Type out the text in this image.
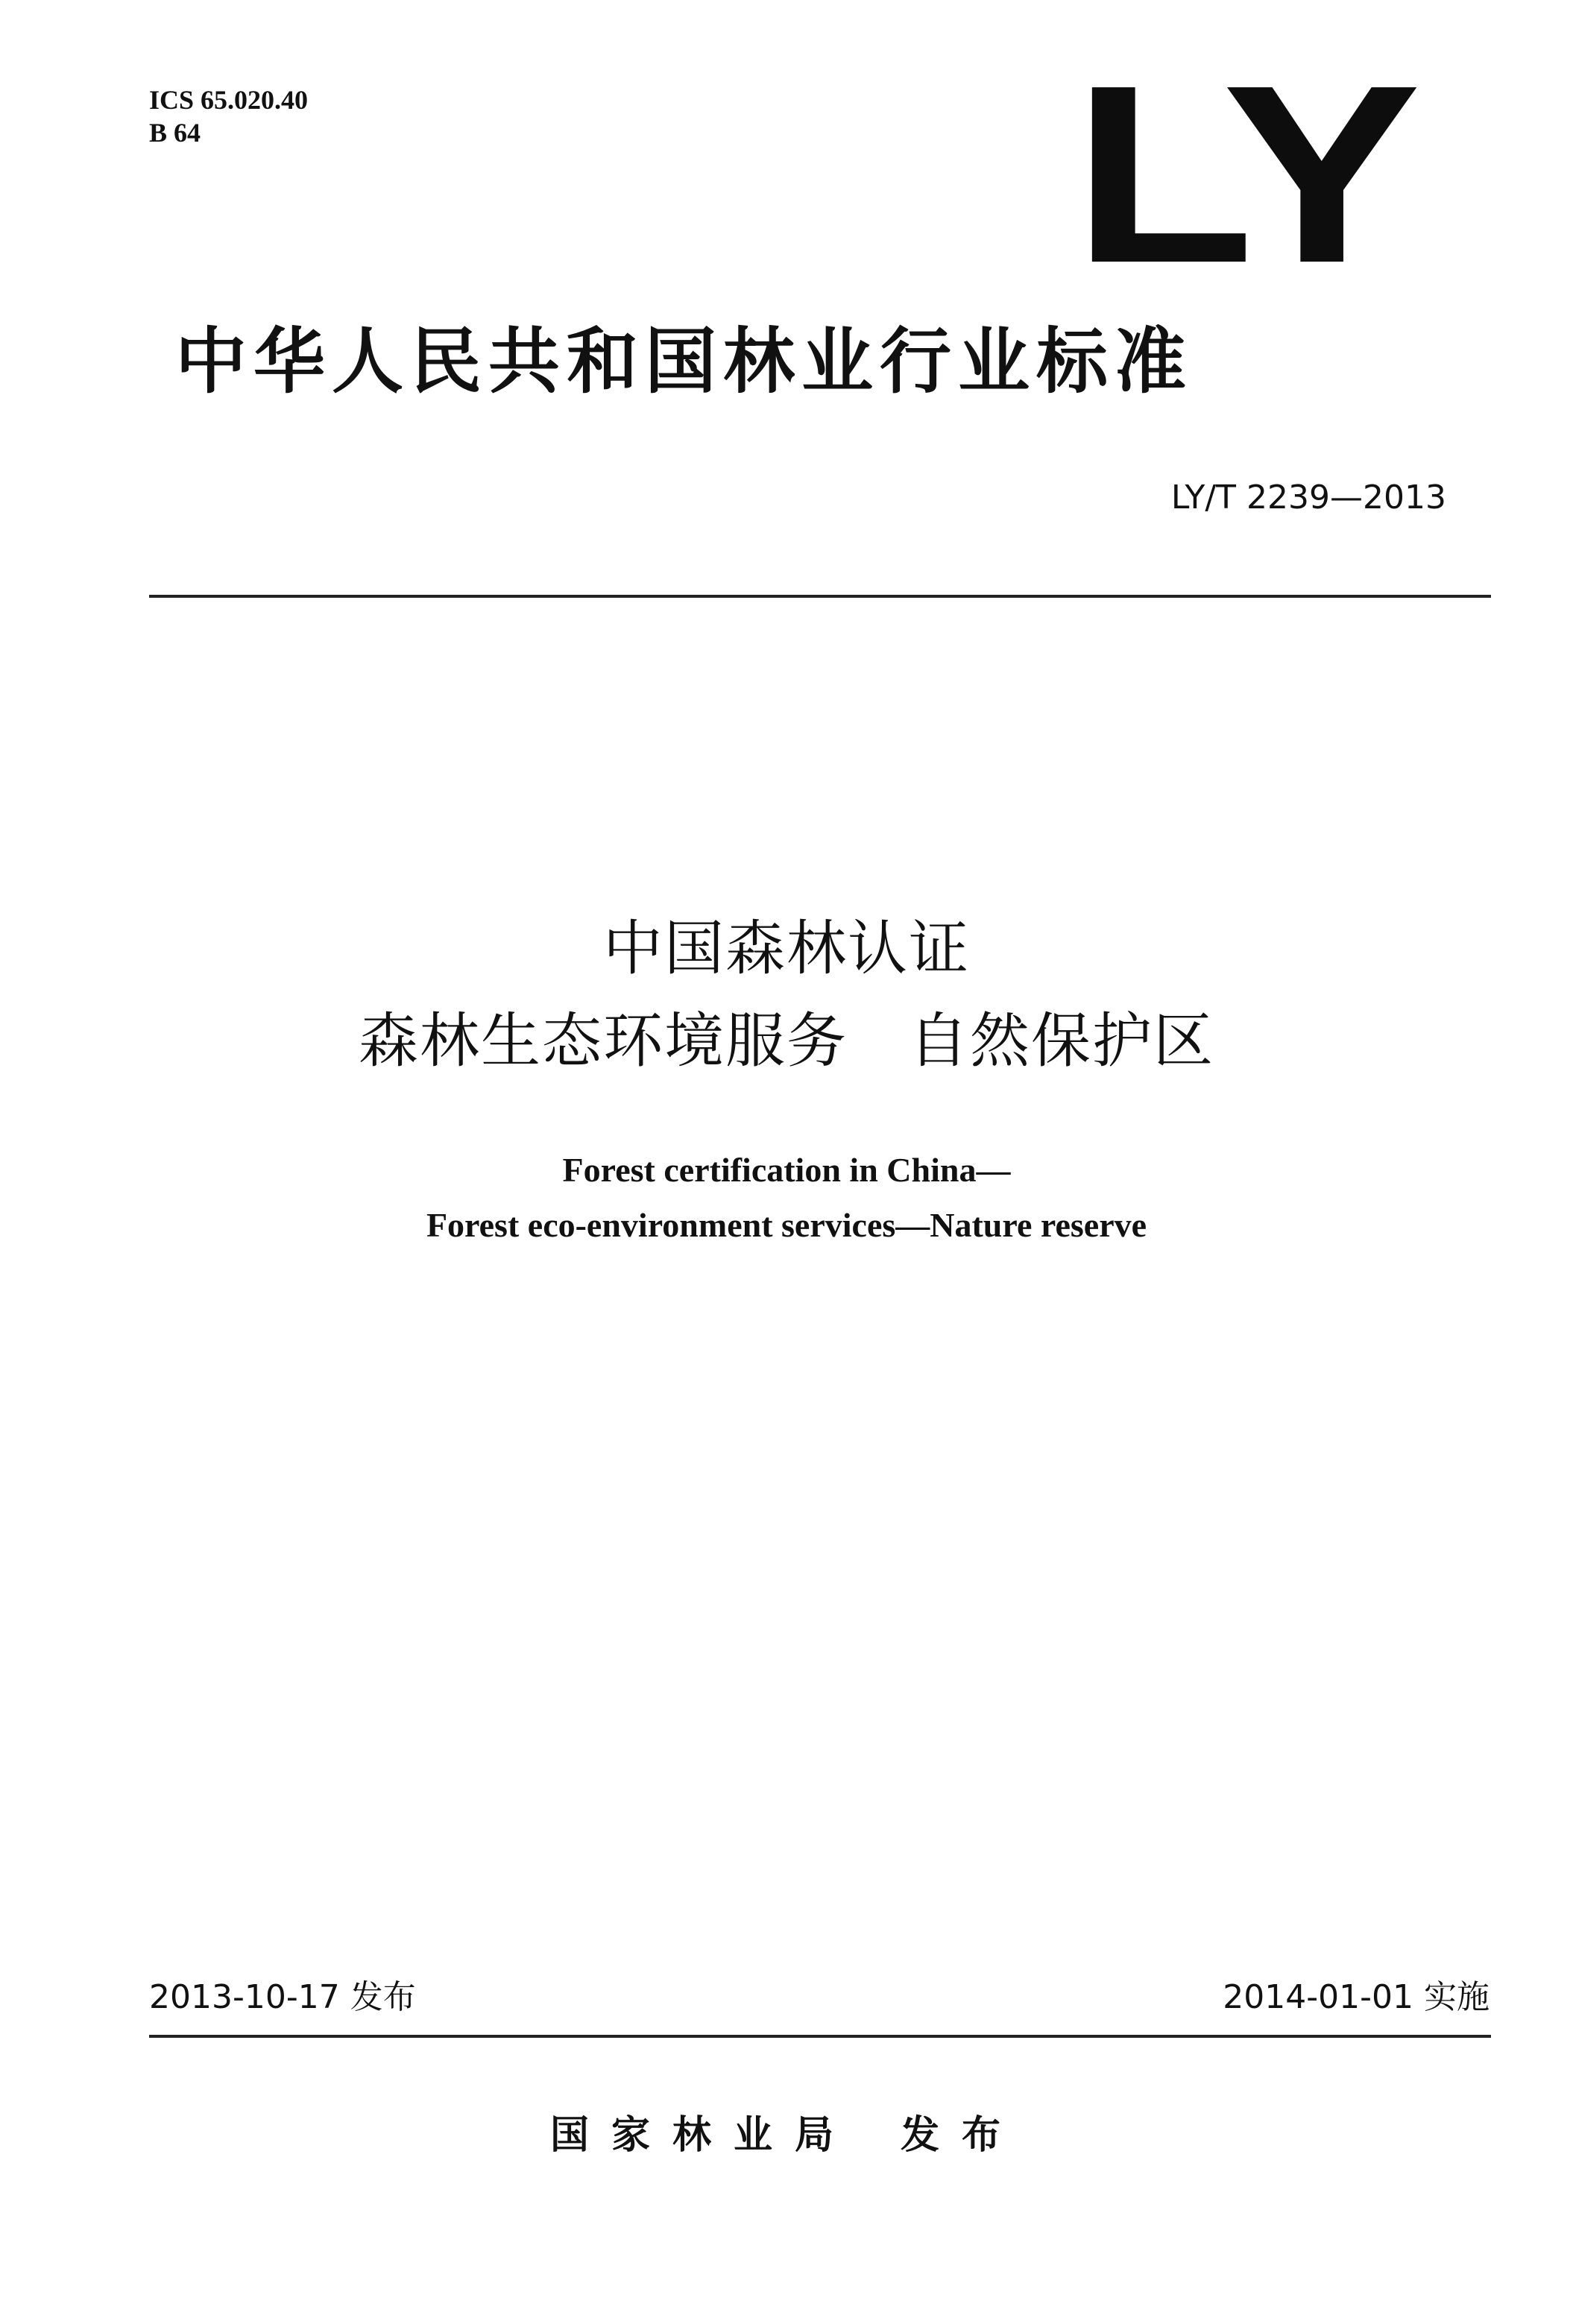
ICS 65.020.40
B 64	LY
中华人民共和国林业行业标准
LY/T 2239—2013
中国森林认证
森林生态环境服务　自然保护区
Forest certification in China—
Forest eco-environment services—Nature reserve
2013-10-17 发布	2014-01-01 实施
国家林业局 发布
